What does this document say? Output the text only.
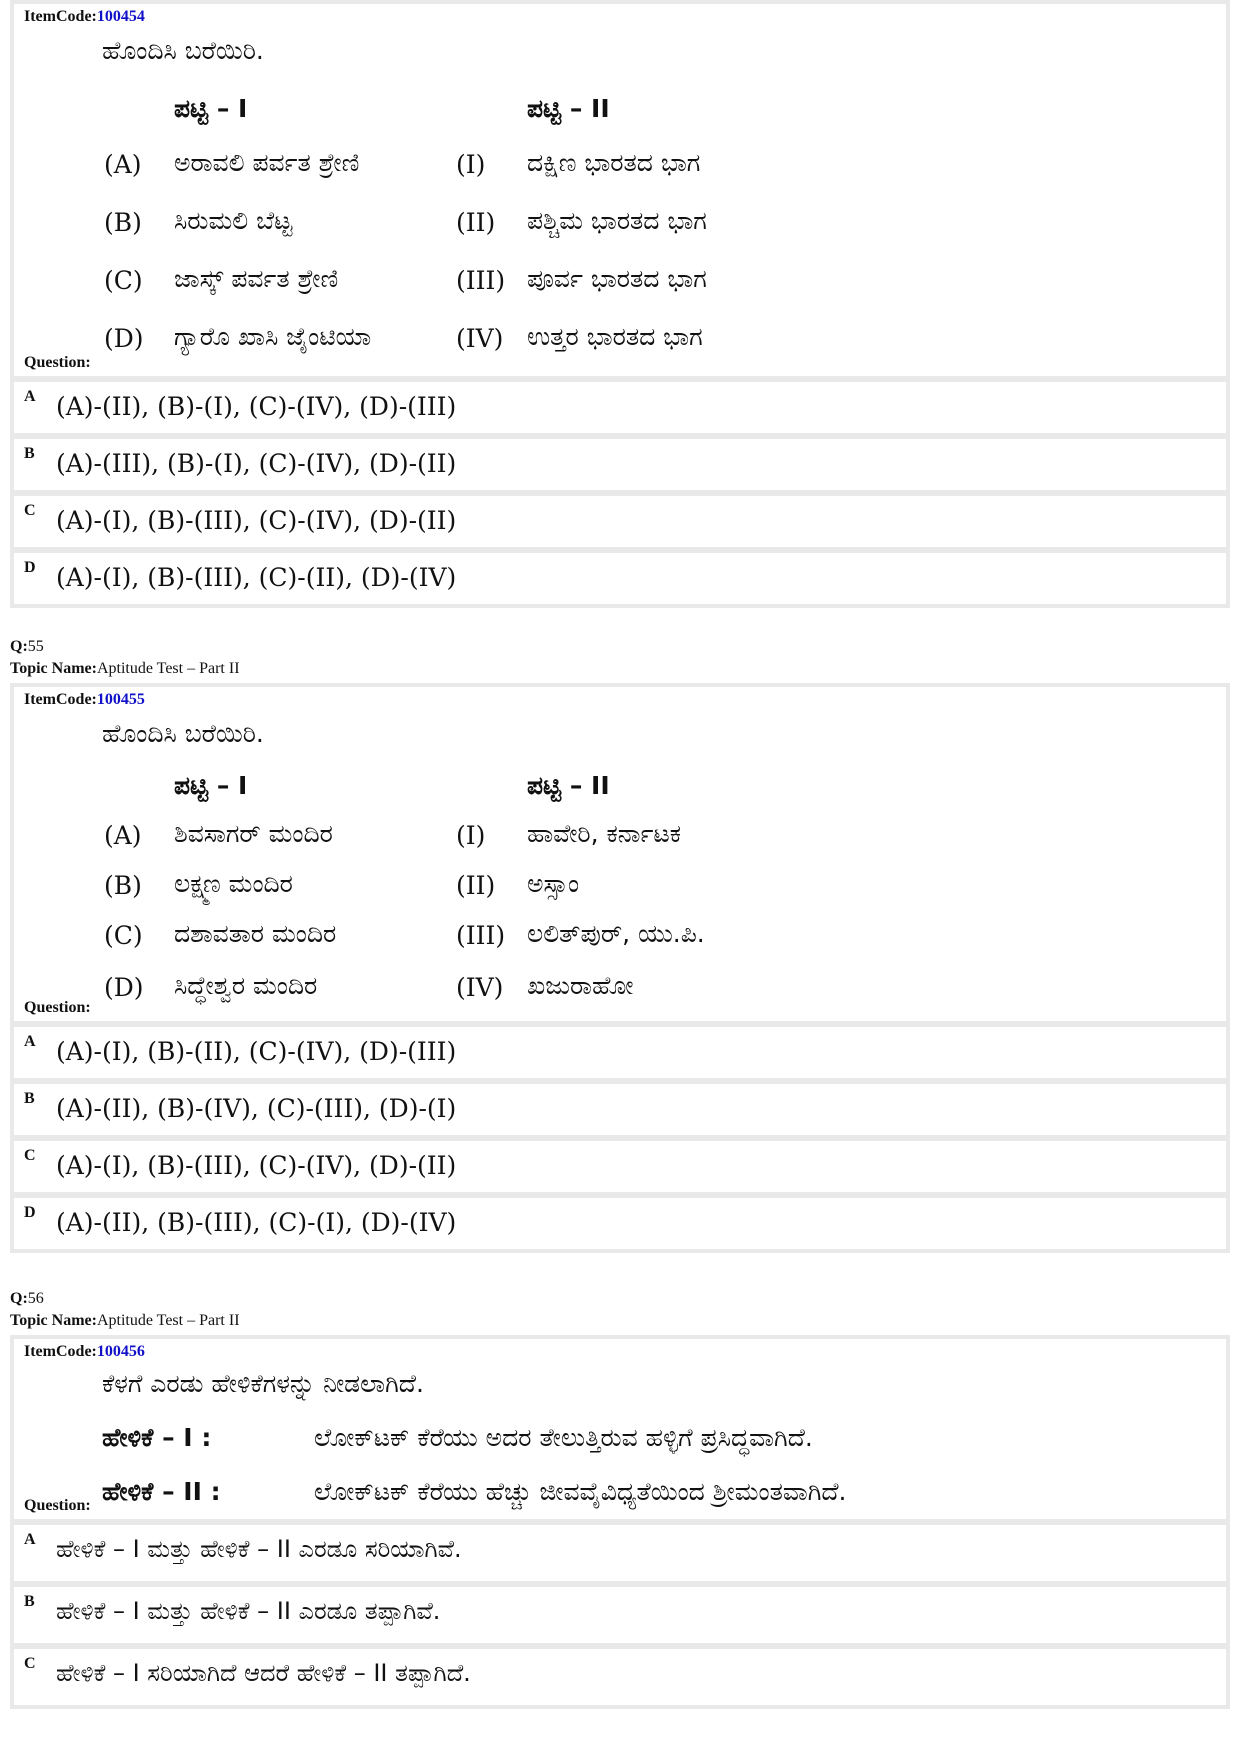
ItemCode:100454
ಹೊಂದಿಸಿ ಬರೆಯಿರಿ.
ಪಟ್ಟಿ – I	ಪಟ್ಟಿ – II
(A) ಅರಾವಲಿ ಪರ್ವತ ಶ್ರೇಣಿ	(I) ದಕ್ಷಿಣ ಭಾರತದ ಭಾಗ
(B) ಸಿರುಮಲಿ ಬೆಟ್ಟ	(II) ಪಶ್ಚಿಮ ಭಾರತದ ಭಾಗ
(C) ಜಾಸ್ಕ್ ಪರ್ವತ ಶ್ರೇಣಿ	(III) ಪೂರ್ವ ಭಾರತದ ಭಾಗ
(D) ಗ್ಯಾರೊ ಖಾಸಿ ಜೈಂಟಿಯಾ	(IV) ಉತ್ತರ ಭಾರತದ ಭಾಗ
Question:
A (A)-(II), (B)-(I), (C)-(IV), (D)-(III)
B (A)-(III), (B)-(I), (C)-(IV), (D)-(II)
C (A)-(I), (B)-(III), (C)-(IV), (D)-(II)
D (A)-(I), (B)-(III), (C)-(II), (D)-(IV)
Q:55
Topic Name:Aptitude Test – Part II
ItemCode:100455
ಹೊಂದಿಸಿ ಬರೆಯಿರಿ.
ಪಟ್ಟಿ – I	ಪಟ್ಟಿ – II
(A) ಶಿವಸಾಗರ್ ಮಂದಿರ	(I) ಹಾವೇರಿ, ಕರ್ನಾಟಕ
(B) ಲಕ್ಷ್ಮಣ ಮಂದಿರ	(II) ಅಸ್ಸಾಂ
(C) ದಶಾವತಾರ ಮಂದಿರ	(III) ಲಲಿತ್‌ಪುರ್, ಯು.ಪಿ.
(D) ಸಿದ್ಧೇಶ್ವರ ಮಂದಿರ	(IV) ಖಜುರಾಹೋ
Question:
A (A)-(I), (B)-(II), (C)-(IV), (D)-(III)
B (A)-(II), (B)-(IV), (C)-(III), (D)-(I)
C (A)-(I), (B)-(III), (C)-(IV), (D)-(II)
D (A)-(II), (B)-(III), (C)-(I), (D)-(IV)
Q:56
Topic Name:Aptitude Test – Part II
ItemCode:100456
ಕೆಳಗೆ ಎರಡು ಹೇಳಿಕೆಗಳನ್ನು ನೀಡಲಾಗಿದೆ.
ಹೇಳಿಕೆ – I :	ಲೋಕ್‌ಟಕ್ ಕೆರೆಯು ಅದರ ತೇಲುತ್ತಿರುವ ಹಳ್ಳಿಗೆ ಪ್ರಸಿದ್ಧವಾಗಿದೆ.
ಹೇಳಿಕೆ – II :	ಲೋಕ್‌ಟಕ್ ಕೆರೆಯು ಹೆಚ್ಚು ಜೀವವೈವಿಧ್ಯತೆಯಿಂದ ಶ್ರೀಮಂತವಾಗಿದೆ.
Question:
A ಹೇಳಿಕೆ – I ಮತ್ತು ಹೇಳಿಕೆ – II ಎರಡೂ ಸರಿಯಾಗಿವೆ.
B ಹೇಳಿಕೆ – I ಮತ್ತು ಹೇಳಿಕೆ – II ಎರಡೂ ತಪ್ಪಾಗಿವೆ.
C ಹೇಳಿಕೆ – I ಸರಿಯಾಗಿದೆ ಆದರೆ ಹೇಳಿಕೆ – II ತಪ್ಪಾಗಿದೆ.
